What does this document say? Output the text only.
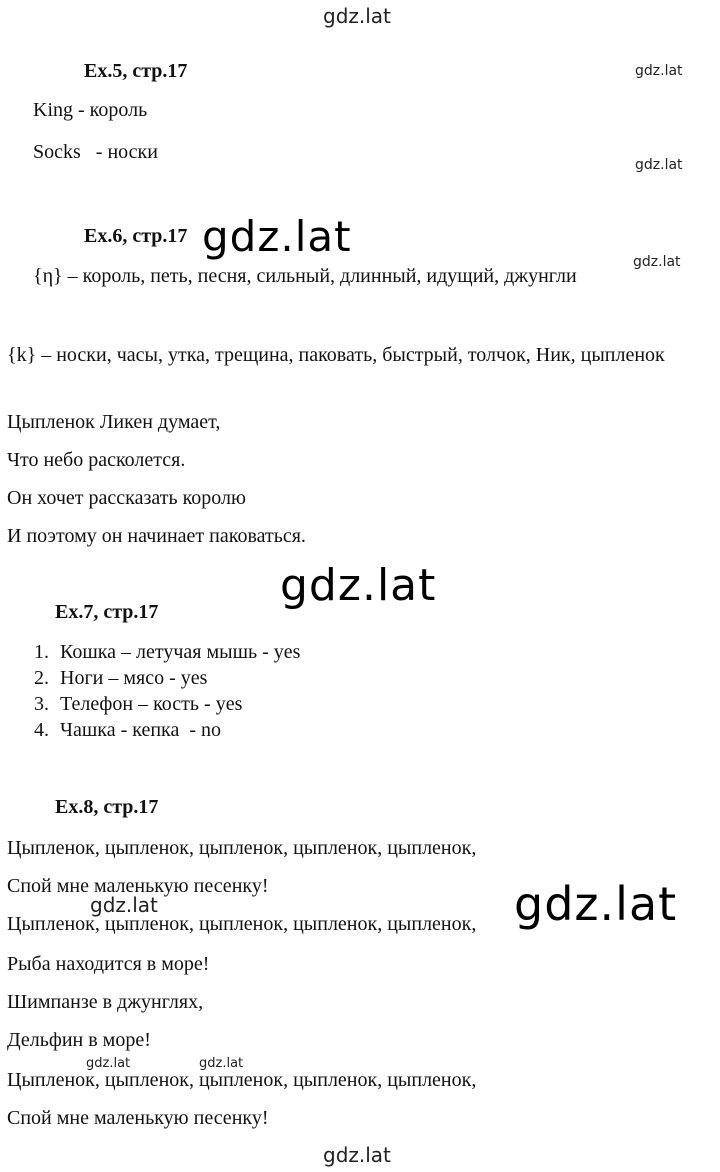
gdz.lat
gdz.lat
gdz.lat
gdz.lat
gdz.lat
gdz.lat
gdz.lat
gdz.lat
gdz.lat	gdz.lat
gdz.lat
Ex.5, стр.17
King - король
Socks   - носки
Ex.6, стр.17
{η} – король, петь, песня, сильный, длинный, идущий, джунгли
{k} – носки, часы, утка, трещина, паковать, быстрый, толчок, Ник, цыпленок
Цыпленок Ликен думает,
Что небо расколется.
Он хочет рассказать королю
И поэтому он начинает паковаться.
Ex.7, стр.17
1. Кошка – летучая мышь - yes
2. Ноги – мясо - yes
3. Телефон – кость - yes
4. Чашка - кепка  - no
Ex.8, стр.17
Цыпленок, цыпленок, цыпленок, цыпленок, цыпленок,
Спой мне маленькую песенку!
Цыпленок, цыпленок, цыпленок, цыпленок, цыпленок,
Рыба находится в море!
Шимпанзе в джунглях,
Дельфин в море!
Цыпленок, цыпленок, цыпленок, цыпленок, цыпленок,
Спой мне маленькую песенку!
